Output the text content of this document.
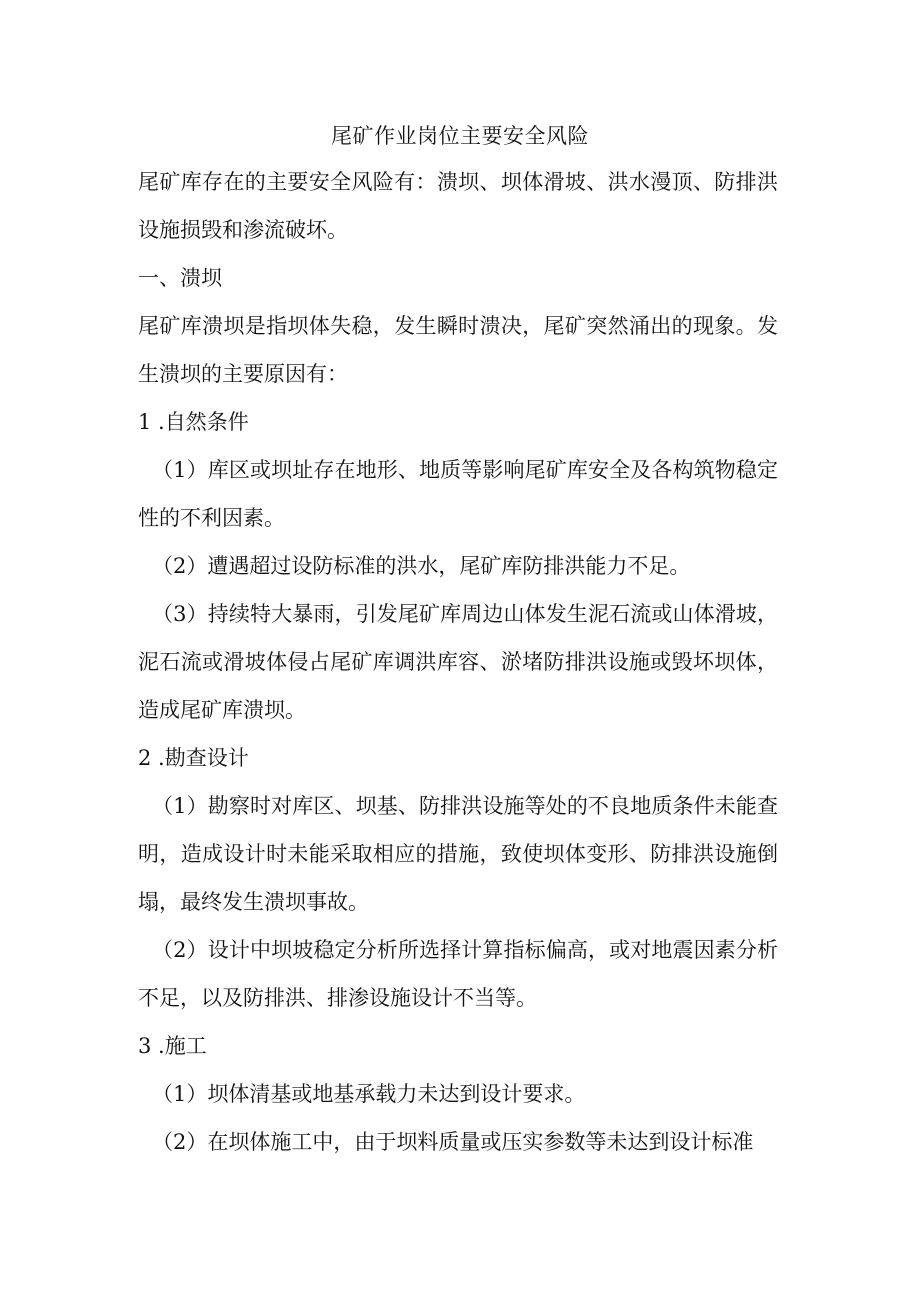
尾矿作业岗位主要安全风险

尾矿库存在的主要安全风险有：溃坝、坝体滑坡、洪水漫顶、防排洪设施损毁和渗流破坏。

一、溃坝

尾矿库溃坝是指坝体失稳，发生瞬时溃决，尾矿突然涌出的现象。发生溃坝的主要原因有：

1 .自然条件

（1）库区或坝址存在地形、地质等影响尾矿库安全及各构筑物稳定性的不利因素。

（2）遭遇超过设防标准的洪水，尾矿库防排洪能力不足。

（3）持续特大暴雨，引发尾矿库周边山体发生泥石流或山体滑坡，泥石流或滑坡体侵占尾矿库调洪库容、淤堵防排洪设施或毁坏坝体，造成尾矿库溃坝。

2 .勘查设计

（1）勘察时对库区、坝基、防排洪设施等处的不良地质条件未能查明，造成设计时未能采取相应的措施，致使坝体变形、防排洪设施倒塌，最终发生溃坝事故。

（2）设计中坝坡稳定分析所选择计算指标偏高，或对地震因素分析不足，以及防排洪、排渗设施设计不当等。

3 .施工

（1）坝体清基或地基承载力未达到设计要求。

（2）在坝体施工中，由于坝料质量或压实参数等未达到设计标准
